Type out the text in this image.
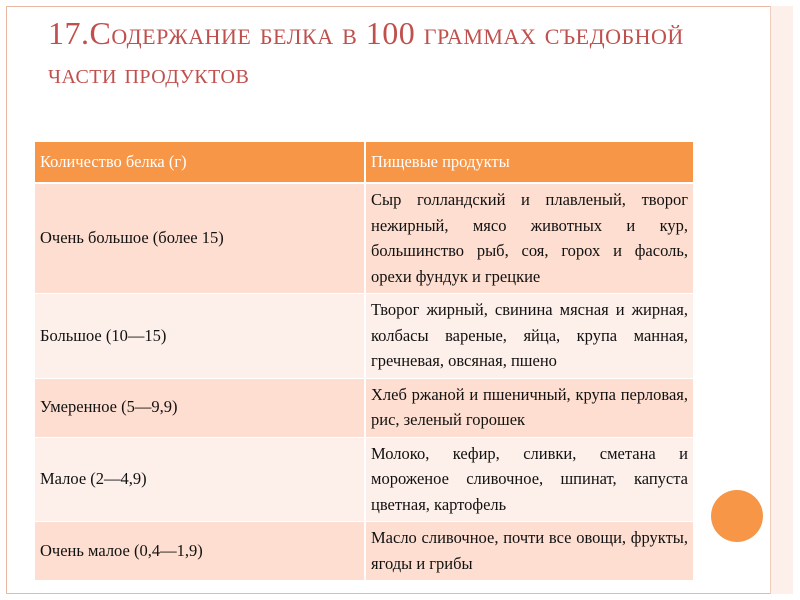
17.Содержание белка в 100 граммах съедобной
части продуктов
Количество белка (г)	Пищевые продукты
Очень большое (более 15)	Сыр голландский и плавленый, творог нежирный, мясо животных и кур, большинство рыб, соя, горох и фасоль, орехи фундук и грецкие
Большое (10—15)	Творог жирный, свинина мясная и жирная, колбасы вареные, яйца, крупа манная, гречневая, овсяная, пшено
Умеренное (5—9,9)	Хлеб ржаной и пшеничный, крупа перловая, рис, зеленый горошек
Малое (2—4,9)	Молоко, кефир, сливки, сметана и мороженое сливочное, шпинат, капуста цветная, картофель
Очень малое (0,4—1,9)	Масло сливочное, почти все овощи, фрукты, ягоды и грибы
